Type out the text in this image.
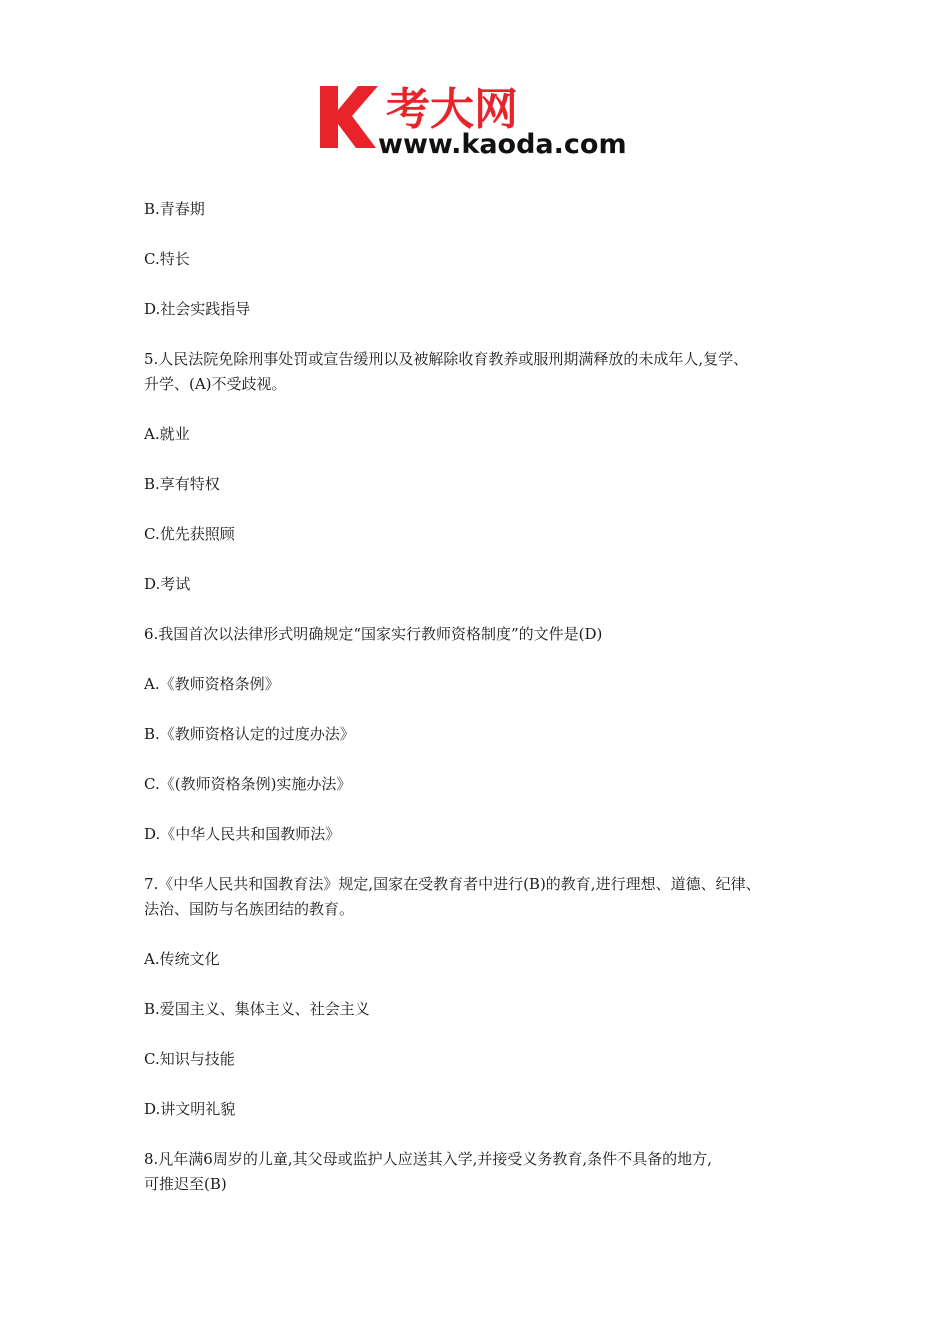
考大网
www.kaoda.com

B.青春期

C.特长

D.社会实践指导

5.人民法院免除刑事处罚或宣告缓刑以及被解除收育教养或服刑期满释放的未成年人,复学、

升学、(A)不受歧视。

A.就业

B.享有特权

C.优先获照顾

D.考试

6.我国首次以法律形式明确规定“国家实行教师资格制度”的文件是(D)

A.《教师资格条例》

B.《教师资格认定的过度办法》

C.《(教师资格条例)实施办法》

D.《中华人民共和国教师法》

7.《中华人民共和国教育法》规定,国家在受教育者中进行(B)的教育,进行理想、道德、纪律、

法治、国防与名族团结的教育。

A.传统文化

B.爱国主义、集体主义、社会主义

C.知识与技能

D.讲文明礼貌

8.凡年满6周岁的儿童,其父母或监护人应送其入学,并接受义务教育,条件不具备的地方,

可推迟至(B)
